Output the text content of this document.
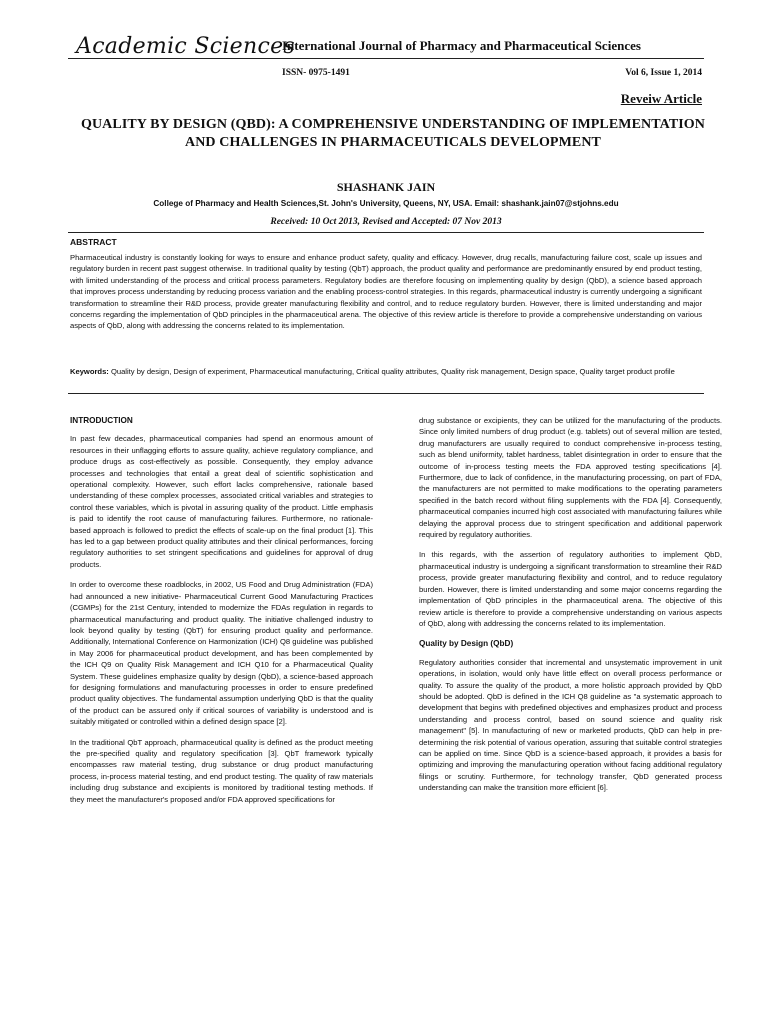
Academic Sciences
International Journal of Pharmacy and Pharmaceutical Sciences
ISSN- 0975-1491	Vol 6, Issue 1, 2014
Reveiw Article
QUALITY BY DESIGN (QBD): A COMPREHENSIVE UNDERSTANDING OF IMPLEMENTATION AND CHALLENGES IN PHARMACEUTICALS DEVELOPMENT
SHASHANK JAIN
College of Pharmacy and Health Sciences,St. John's University, Queens, NY, USA. Email: shashank.jain07@stjohns.edu
Received: 10 Oct 2013, Revised and Accepted: 07 Nov 2013
ABSTRACT
Pharmaceutical industry is constantly looking for ways to ensure and enhance product safety, quality and efficacy. However, drug recalls, manufacturing failure cost, scale up issues and regulatory burden in recent past suggest otherwise. In traditional quality by testing (QbT) approach, the product quality and performance are predominantly ensured by end product testing, with limited understanding of the process and critical process parameters. Regulatory bodies are therefore focusing on implementing quality by design (QbD), a science based approach that improves process understanding by reducing process variation and the enabling process-control strategies. In this regards, pharmaceutical industry is currently undergoing a significant transformation to streamline their R&D process, provide greater manufacturing flexibility and control, and to reduce regulatory burden. However, there is limited understanding and major concerns regarding the implementation of QbD principles in the pharmaceutical arena. The objective of this review article is therefore to provide a comprehensive understanding on various aspects of QbD, along with addressing the concerns related to its implementation.
Keywords: Quality by design, Design of experiment, Pharmaceutical manufacturing, Critical quality attributes, Quality risk management, Design space, Quality target product profile
INTRODUCTION

In past few decades, pharmaceutical companies had spend an enormous amount of resources in their unflagging efforts to assure quality, achieve regulatory compliance, and produce drugs as cost-effectively as possible. Consequently, they employ advance processes and technologies that entail a great deal of scientific sophistication and operational complexity. However, such effort lacks comprehensive, rationale based understanding of these complex processes, associated critical variables and strategies to control these variables, which is pivotal in assuring quality of the product. Little emphasis is paid to identify the root cause of manufacturing failures. Furthermore, no rationale-based approach is followed to predict the effects of scale-up on the final product [1]. This has led to a gap between product quality attributes and their clinical performances, forcing regulatory authorities to set stringent specifications and guidelines for approval of drug products.

In order to overcome these roadblocks, in 2002, US Food and Drug Administration (FDA) had announced a new initiative- Pharmaceutical Current Good Manufacturing Practices (CGMPs) for the 21st Century, intended to modernize the FDAs regulation in regards to pharmaceutical manufacturing and product quality. The initiative challenged industry to look beyond quality by testing (QbT) for ensuring product quality and performance. Additionally, International Conference on Harmonization (ICH) Q8 guideline was published in May 2006 for pharmaceutical product development, and has been complemented by the ICH Q9 on Quality Risk Management and ICH Q10 for a Pharmaceutical Quality System. These guidelines emphasize quality by design (QbD), a science-based approach for designing formulations and manufacturing processes in order to ensure predefined product quality objectives. The fundamental assumption underlying QbD is that the quality of the product can be assured only if critical sources of variability is understood and is suitably mitigated or controlled within a defined design space [2].

In the traditional QbT approach, pharmaceutical quality is defined as the product meeting the pre-specified quality and regulatory specification [3]. QbT framework typically encompasses raw material testing, drug substance or drug product manufacturing process, in-process material testing, and end product testing. The quality of raw materials including drug substance and excipients is monitored by traditional testing methods. If they meet the manufacturer's proposed and/or FDA approved specifications for

drug substance or excipients, they can be utilized for the manufacturing of the products. Since only limited numbers of drug product (e.g. tablets) out of several million are tested, drug manufacturers are usually required to conduct comprehensive in-process testing, such as blend uniformity, tablet hardness, tablet disintegration in order to ensure that the outcome of in-process testing meets the FDA approved testing specifications [4]. Furthermore, due to lack of confidence, in the manufacturing processing, on part of FDA, the manufacturers are not permitted to make modifications to the operating parameters specified in the batch record without filing supplements with the FDA [4]. Consequently, pharmaceutical companies incurred high cost associated with manufacturing failures while delaying the approval process due to stringent specification and additional paperwork required by regulatory authorities.

In this regards, with the assertion of regulatory authorities to implement QbD, pharmaceutical industry is undergoing a significant transformation to streamline their R&D process, provide greater manufacturing flexibility and control, and to reduce regulatory burden. However, there is limited understanding and some major concerns regarding the implementation of QbD principles in the pharmaceutical arena. The objective of this review article is therefore to provide a comprehensive understanding on various aspects of QbD, along with addressing the concerns related to its implementation.

Quality by Design (QbD)

Regulatory authorities consider that incremental and unsystematic improvement in unit operations, in isolation, would only have little effect on overall process performance or quality. To assure the quality of the product, a more holistic approach provided by QbD should be adopted. QbD is defined in the ICH Q8 guideline as "a systematic approach to development that begins with predefined objectives and emphasizes product and process understanding and process control, based on sound science and quality risk management" [5]. In manufacturing of new or marketed products, QbD can help in pre-determining the risk potential of various operation, assuring that suitable control strategies can be applied on time. Since QbD is a science-based approach, it provides a basis for optimizing and improving the manufacturing operation without facing additional regulatory filings or scrutiny. Furthermore, for technology transfer, QbD generated process understanding can make the transition more efficient [6].
